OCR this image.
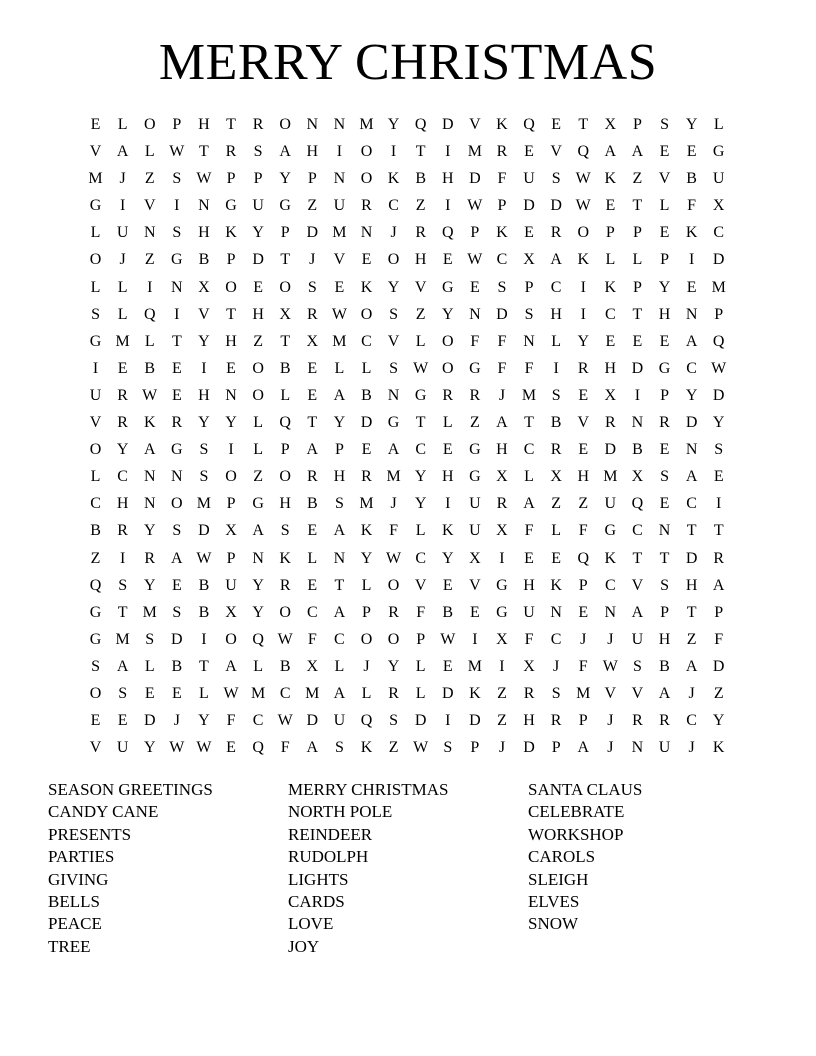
MERRY CHRISTMAS
E	L	O	P	H	T	R O N N M Y Q D V K Q	E	T	X	P	S	Y	L
V A	L W T	R	S	A H	I	O	I	T	I	M R	E	V Q A A	E	E	G
M	J	Z	S W P	P	Y	P	N O K B H D	F	U	S W K	Z	V B U
G	I	V	I	N G U G	Z	U R	C	Z	I	W P	D D W E	T	L	F	X
L	U N	S	H K Y	P	D M N	J	R Q	P	K	E	R O	P	P	E	K C
O	J	Z	G B	P	D	T	J	V	E	O H	E W C X A K	L	L	P	I	D
L	L	I	N X O	E	O	S	E	K Y V G	E	S	P	C	I	K	P	Y	E M
S	L	Q	I	V	T	H X R W O	S	Z	Y N D	S	H	I	C	T	H N	P
G M L	T	Y H	Z	T	X M C V	L	O	F	F	N	L	Y	E	E	E	A Q
I	E	B	E	I	E	O B	E	L	L	S W O G	F	F	I	R H D G C W
U R W E	H N O	L	E	A B N G R	R	J	M S	E	X	I	P	Y D
V R K R Y Y	L	Q	T	Y D G	T	L	Z	A	T	B V R N R D Y
O Y A G	S	I	L	P	A	P	E	A C	E	G H C	R	E	D B	E	N	S
L	C N N	S	O	Z	O R H R M Y H G X	L	X H M X	S	A	E
C H N O M P	G H B	S M	J	Y	I	U R A	Z	Z	U Q	E	C	I
B	R Y	S	D X A	S	E	A K	F	L	K U X	F	L	F	G C N	T	T
Z	I	R A W P	N K	L	N Y W C Y X	I	E	E	Q K	T	T	D R
Q	S	Y	E	B U Y R	E	T	L	O V	E	V G H K	P	C V	S	H A
G	T M S	B X Y O C A	P	R	F	B	E	G U N	E	N A	P	T	P
G M S	D	I	O Q W F	C O O	P W	I	X	F	C	J	J	U H	Z	F
S	A	L	B	T	A	L	B X	L	J	Y	L	E M	I	X	J	F W S	B A D
O	S	E	E	L W M C M A	L	R	L	D K	Z	R	S M V V A	J	Z
E	E	D	J	Y	F	C W D U Q	S	D	I	D	Z	H R	P	J	R	R	C Y
V U Y W W E	Q	F	A	S	K	Z W S	P	J	D	P	A	J	N U	J	K
SEASON GREETINGS
CANDY CANE
PRESENTS
PARTIES
GIVING
BELLS
PEACE
TREE
MERRY CHRISTMAS
NORTH POLE
REINDEER
RUDOLPH
LIGHTS
CARDS
LOVE
JOY
SANTA CLAUS
CELEBRATE
WORKSHOP
CAROLS
SLEIGH
ELVES
SNOW
